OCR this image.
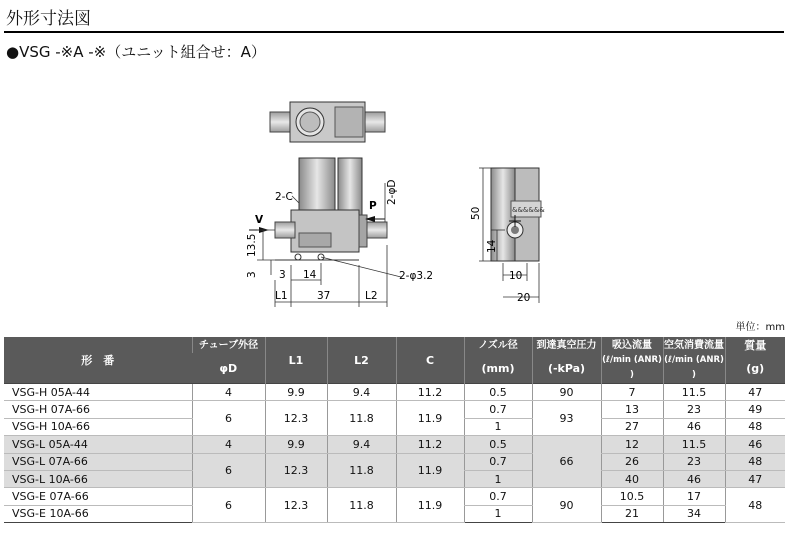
外形寸法図
●VSG -※A -※（ユニット組合せ：A）
&&&&&&
2-C	2-φD
P
V
13.5
3 3 14	2-φ3.2
L1	37	L2
50
14
10
20
単位：mm
形　番	チューブ外径	L1	L2	C	ノズル径	到達真空圧力	吸込流量	空気消費流量	質量
	φD				(mm)	(-kPa)	(ℓ/min (ANR) )	(ℓ/min (ANR) )	(g)
VSG-H 05A-44	4	9.9	9.4	11.2	0.5	90	7	11.5	47
VSG-H 07A-66	6	12.3	11.8	11.9	0.7	93	13	23	49
VSG-H 10A-66					1		27	46	48
VSG-L 05A-44	4	9.9	9.4	11.2	0.5	66	12	11.5	46
VSG-L 07A-66	6	12.3	11.8	11.9	0.7		26	23	48
VSG-L 10A-66					1		40	46	47
VSG-E 07A-66	6	12.3	11.8	11.9	0.7	90	10.5	17	48
VSG-E 10A-66					1		21	34	
